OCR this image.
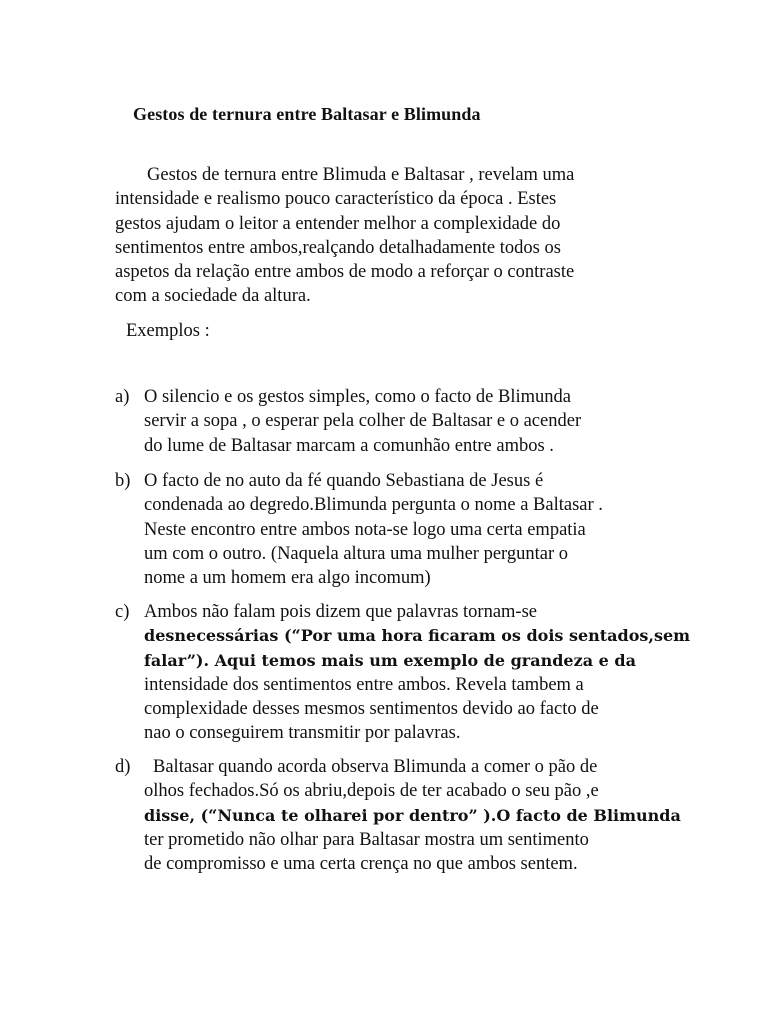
Gestos de ternura entre Baltasar e Blimunda
Gestos de ternura entre Blimuda e Baltasar , revelam uma
intensidade e realismo pouco característico da época . Estes
gestos ajudam o leitor a entender melhor a complexidade do
sentimentos entre ambos,realçando detalhadamente todos os
aspetos da relação entre ambos de modo a reforçar o contraste
com a sociedade da altura.
Exemplos :
a) O silencio e os gestos simples, como o facto de Blimunda
servir a sopa , o esperar pela colher de Baltasar e o acender
do lume de Baltasar marcam a comunhão entre ambos .
b) O facto de no auto da fé quando Sebastiana de Jesus é
condenada ao degredo.Blimunda pergunta o nome a Baltasar .
Neste encontro entre ambos nota-se logo uma certa empatia
um com o outro. (Naquela altura uma mulher perguntar o
nome a um homem era algo incomum)
c) Ambos não falam pois dizem que palavras tornam-se
desnecessárias (“Por uma hora ficaram os dois sentados,sem
falar”). Aqui temos mais um exemplo de grandeza e da
intensidade dos sentimentos entre ambos. Revela tambem a
complexidade desses mesmos sentimentos devido ao facto de
nao o conseguirem transmitir por palavras.
d)	Baltasar quando acorda observa Blimunda a comer o pão de
olhos fechados.Só os abriu,depois de ter acabado o seu pão ,e
disse, (“Nunca te olharei por dentro” ).O facto de Blimunda
ter prometido não olhar para Baltasar mostra um sentimento
de compromisso e uma certa crença no que ambos sentem.
